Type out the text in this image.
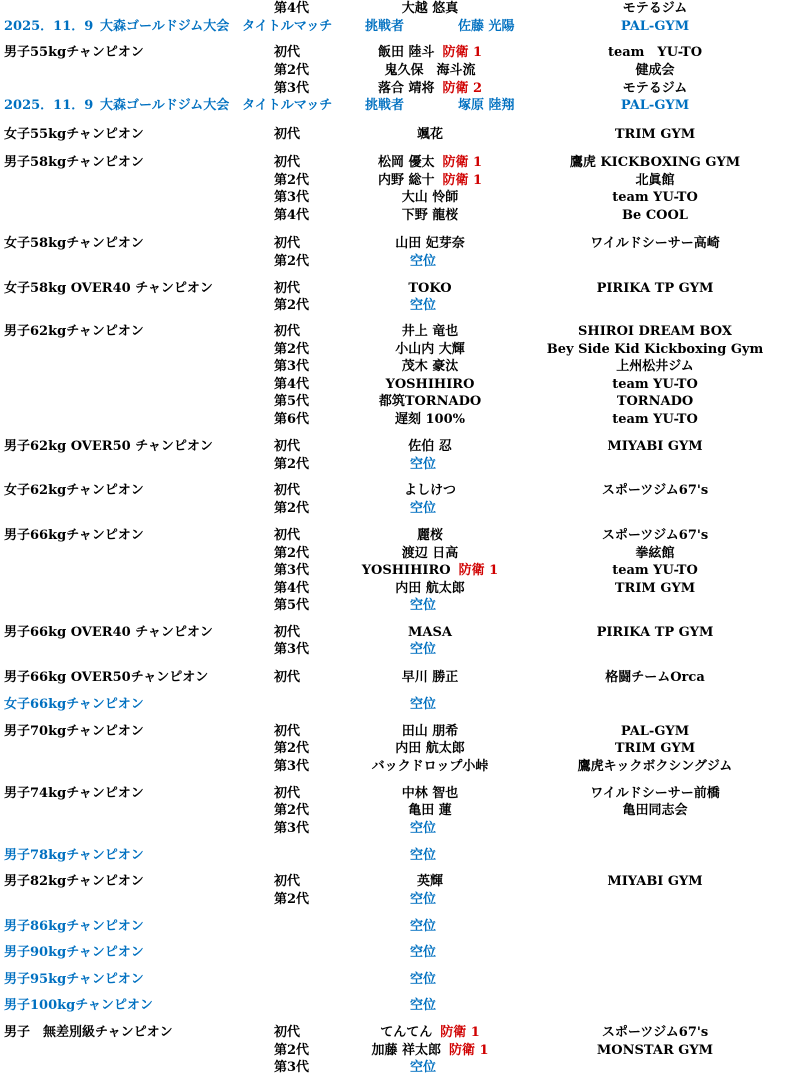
第4代	大越 悠真	モテるジム
2025．11．9 大森ゴールドジム大会 タイトルマッチ	挑戦者	佐藤 光陽	PAL-GYM
男子55kgチャンピオン	初代	飯田 陸斗 防衛 1	team　YU-TO
第2代	鬼久保　海斗流	健成会
第3代	落合 靖将 防衛 2	モテるジム
2025．11．9 大森ゴールドジム大会 タイトルマッチ	挑戦者	塚原 陸翔	PAL-GYM
女子55kgチャンピオン	初代	颯花	TRIM GYM
男子58kgチャンピオン	初代	松岡 優太 防衛 1	鷹虎 KICKBOXING GYM
第2代	内野 総十 防衛 1	北眞館
第3代	大山 怜師	team YU-TO
第4代	下野 龍桜	Be COOL
女子58kgチャンピオン	初代	山田 妃芽奈	ワイルドシーサー高崎
第2代	空位
女子58kg OVER40 チャンピオン	初代	TOKO	PIRIKA TP GYM
第2代	空位
男子62kgチャンピオン	初代	井上 竜也	SHIROI DREAM BOX
第2代	小山内 大輝	Bey Side Kid Kickboxing Gym
第3代	茂木 豪汰	上州松井ジム
第4代	YOSHIHIRO	team YU-TO
第5代	都筑TORNADO	TORNADO
第6代	遅刻 100%	team YU-TO
男子62kg OVER50 チャンピオン	初代	佐伯 忍	MIYABI GYM
第2代	空位
女子62kgチャンピオン	初代	よしけつ	スポーツジム67's
第2代	空位
男子66kgチャンピオン	初代	麗桜	スポーツジム67's
第2代	渡辺 日高	拳絃館
第3代	YOSHIHIRO 防衛 1	team YU-TO
第4代	内田 航太郎	TRIM GYM
第5代	空位
男子66kg OVER40 チャンピオン	初代	MASA	PIRIKA TP GYM
第3代	空位
男子66kg OVER50チャンピオン	初代	早川 勝正	格闘チームOrca
女子66kgチャンピオン	空位
男子70kgチャンピオン	初代	田山 朋希	PAL-GYM
第2代	内田 航太郎	TRIM GYM
第3代	バックドロップ小峠	鷹虎キックボクシングジム
男子74kgチャンピオン	初代	中林 智也	ワイルドシーサー前橋
第2代	亀田 蓮	亀田同志会
第3代	空位
男子78kgチャンピオン	空位
男子82kgチャンピオン	初代	英輝	MIYABI GYM
第2代	空位
男子86kgチャンピオン	空位
男子90kgチャンピオン	空位
男子95kgチャンピオン	空位
男子100kgチャンピオン	空位
男子　無差別級チャンピオン	初代	てんてん 防衛 1	スポーツジム67's
第2代	加藤 祥太郎 防衛 1	MONSTAR GYM
第3代	空位
